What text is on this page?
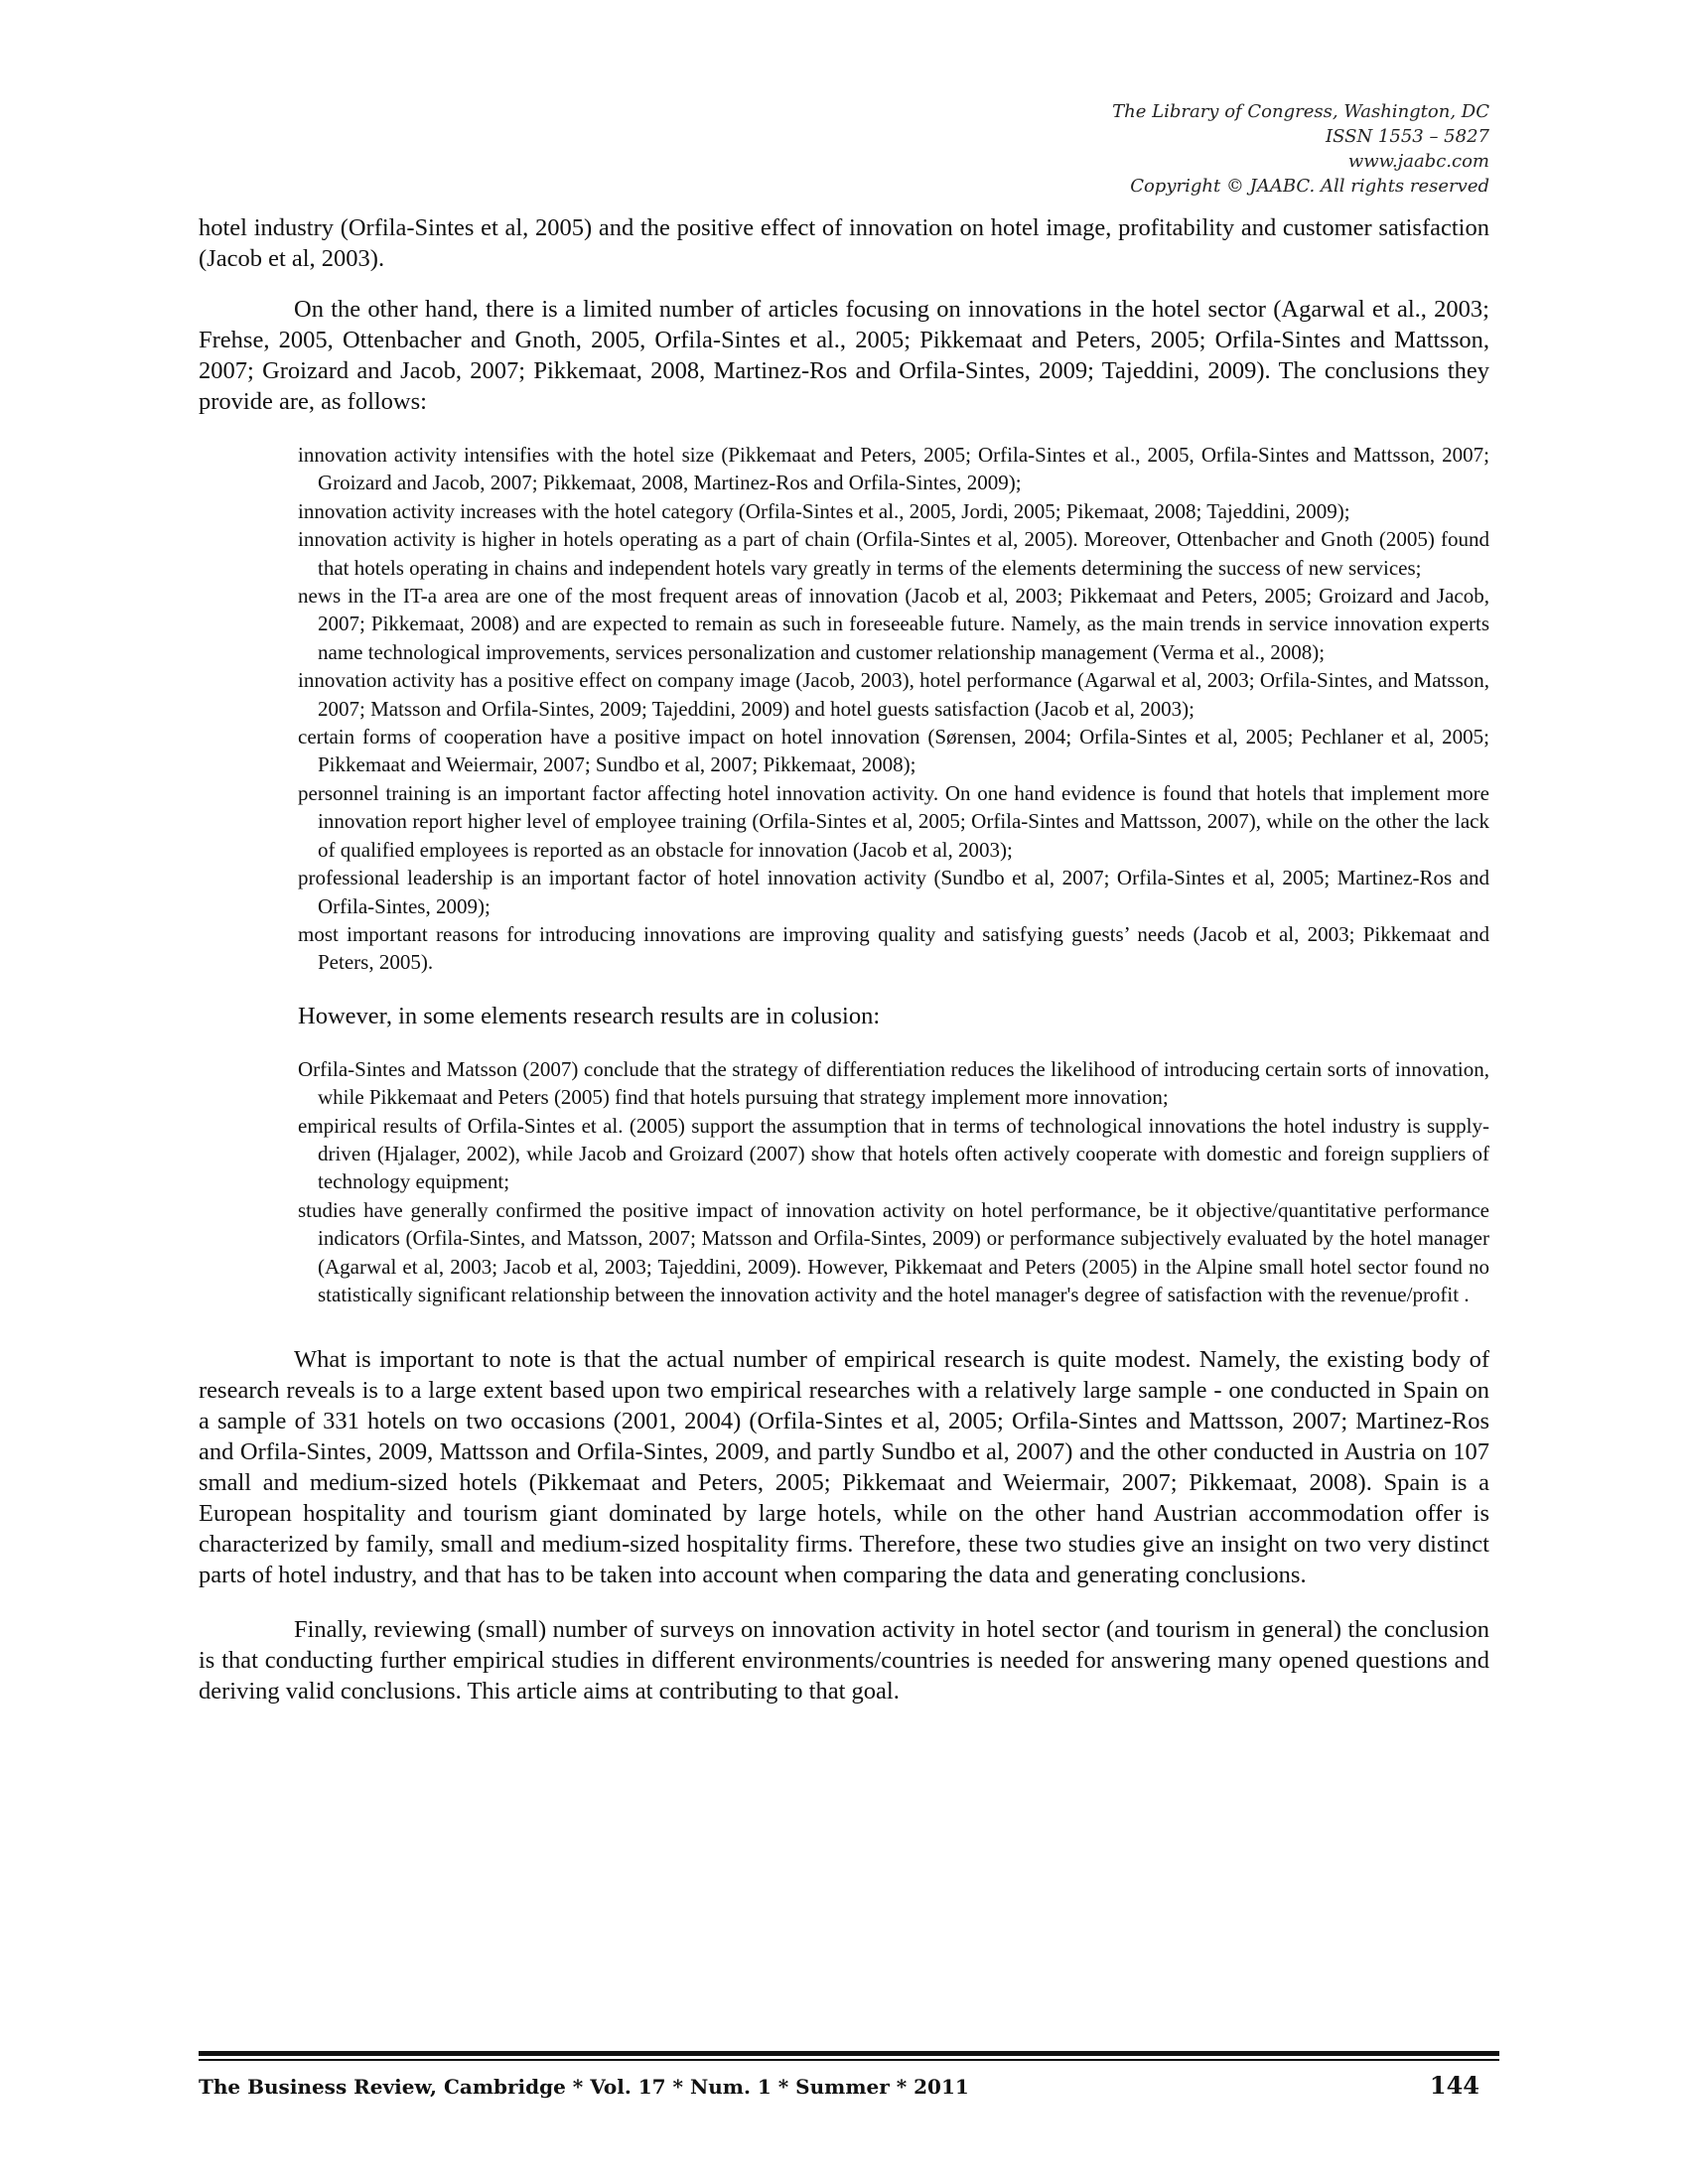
The Library of Congress, Washington, DC
ISSN 1553 – 5827
www.jaabc.com
Copyright © JAABC. All rights reserved

hotel industry (Orfila-Sintes et al, 2005) and the positive effect of innovation on hotel image, profitability and customer satisfaction (Jacob et al, 2003).

On the other hand, there is a limited number of articles focusing on innovations in the hotel sector (Agarwal et al., 2003; Frehse, 2005, Ottenbacher and Gnoth, 2005, Orfila-Sintes et al., 2005; Pikkemaat and Peters, 2005; Orfila-Sintes and Mattsson, 2007; Groizard and Jacob, 2007; Pikkemaat, 2008, Martinez-Ros and Orfila-Sintes, 2009; Tajeddini, 2009). The conclusions they provide are, as follows:

innovation activity intensifies with the hotel size (Pikkemaat and Peters, 2005; Orfila-Sintes et al., 2005, Orfila-Sintes and Mattsson, 2007; Groizard and Jacob, 2007; Pikkemaat, 2008, Martinez-Ros and Orfila-Sintes, 2009);
innovation activity increases with the hotel category (Orfila-Sintes et al., 2005, Jordi, 2005; Pikemaat, 2008; Tajeddini, 2009);
innovation activity is higher in hotels operating as a part of chain (Orfila-Sintes et al, 2005). Moreover, Ottenbacher and Gnoth (2005) found that hotels operating in chains and independent hotels vary greatly in terms of the elements determining the success of new services;
news in the IT-a area are one of the most frequent areas of innovation (Jacob et al, 2003; Pikkemaat and Peters, 2005; Groizard and Jacob, 2007; Pikkemaat, 2008) and are expected to remain as such in foreseeable future. Namely, as the main trends in service innovation experts name technological improvements, services personalization and customer relationship management (Verma et al., 2008);
innovation activity has a positive effect on company image (Jacob, 2003), hotel performance (Agarwal et al, 2003; Orfila-Sintes, and Matsson, 2007; Matsson and Orfila-Sintes, 2009; Tajeddini, 2009) and hotel guests satisfaction (Jacob et al, 2003);
certain forms of cooperation have a positive impact on hotel innovation (Sørensen, 2004; Orfila-Sintes et al, 2005; Pechlaner et al, 2005; Pikkemaat and Weiermair, 2007; Sundbo et al, 2007; Pikkemaat, 2008);
personnel training is an important factor affecting hotel innovation activity. On one hand evidence is found that hotels that implement more innovation report higher level of employee training (Orfila-Sintes et al, 2005; Orfila-Sintes and Mattsson, 2007), while on the other the lack of qualified employees is reported as an obstacle for innovation (Jacob et al, 2003);
professional leadership is an important factor of hotel innovation activity (Sundbo et al, 2007; Orfila-Sintes et al, 2005; Martinez-Ros and Orfila-Sintes, 2009);
most important reasons for introducing innovations are improving quality and satisfying guests’ needs (Jacob et al, 2003; Pikkemaat and Peters, 2005).

However, in some elements research results are in colusion:

Orfila-Sintes and Matsson (2007) conclude that the strategy of differentiation reduces the likelihood of introducing certain sorts of innovation, while Pikkemaat and Peters (2005) find that hotels pursuing that strategy implement more innovation;
empirical results of Orfila-Sintes et al. (2005) support the assumption that in terms of technological innovations the hotel industry is supply-driven (Hjalager, 2002), while Jacob and Groizard (2007) show that hotels often actively cooperate with domestic and foreign suppliers of technology equipment;
studies have generally confirmed the positive impact of innovation activity on hotel performance, be it objective/quantitative performance indicators (Orfila-Sintes, and Matsson, 2007; Matsson and Orfila-Sintes, 2009) or performance subjectively evaluated by the hotel manager (Agarwal et al, 2003; Jacob et al, 2003; Tajeddini, 2009). However, Pikkemaat and Peters (2005) in the Alpine small hotel sector found no statistically significant relationship between the innovation activity and the hotel manager's degree of satisfaction with the revenue/profit .

What is important to note is that the actual number of empirical research is quite modest. Namely, the existing body of research reveals is to a large extent based upon two empirical researches with a relatively large sample - one conducted in Spain on a sample of 331 hotels on two occasions (2001, 2004) (Orfila-Sintes et al, 2005; Orfila-Sintes and Mattsson, 2007; Martinez-Ros and Orfila-Sintes, 2009, Mattsson and Orfila-Sintes, 2009, and partly Sundbo et al, 2007) and the other conducted in Austria on 107 small and medium-sized hotels (Pikkemaat and Peters, 2005; Pikkemaat and Weiermair, 2007; Pikkemaat, 2008). Spain is a European hospitality and tourism giant dominated by large hotels, while on the other hand Austrian accommodation offer is characterized by family, small and medium-sized hospitality firms. Therefore, these two studies give an insight on two very distinct parts of hotel industry, and that has to be taken into account when comparing the data and generating conclusions.

Finally, reviewing (small) number of surveys on innovation activity in hotel sector (and tourism in general) the conclusion is that conducting further empirical studies in different environments/countries is needed for answering many opened questions and deriving valid conclusions. This article aims at contributing to that goal.

The Business Review, Cambridge * Vol. 17 * Num. 1 * Summer * 2011	144
